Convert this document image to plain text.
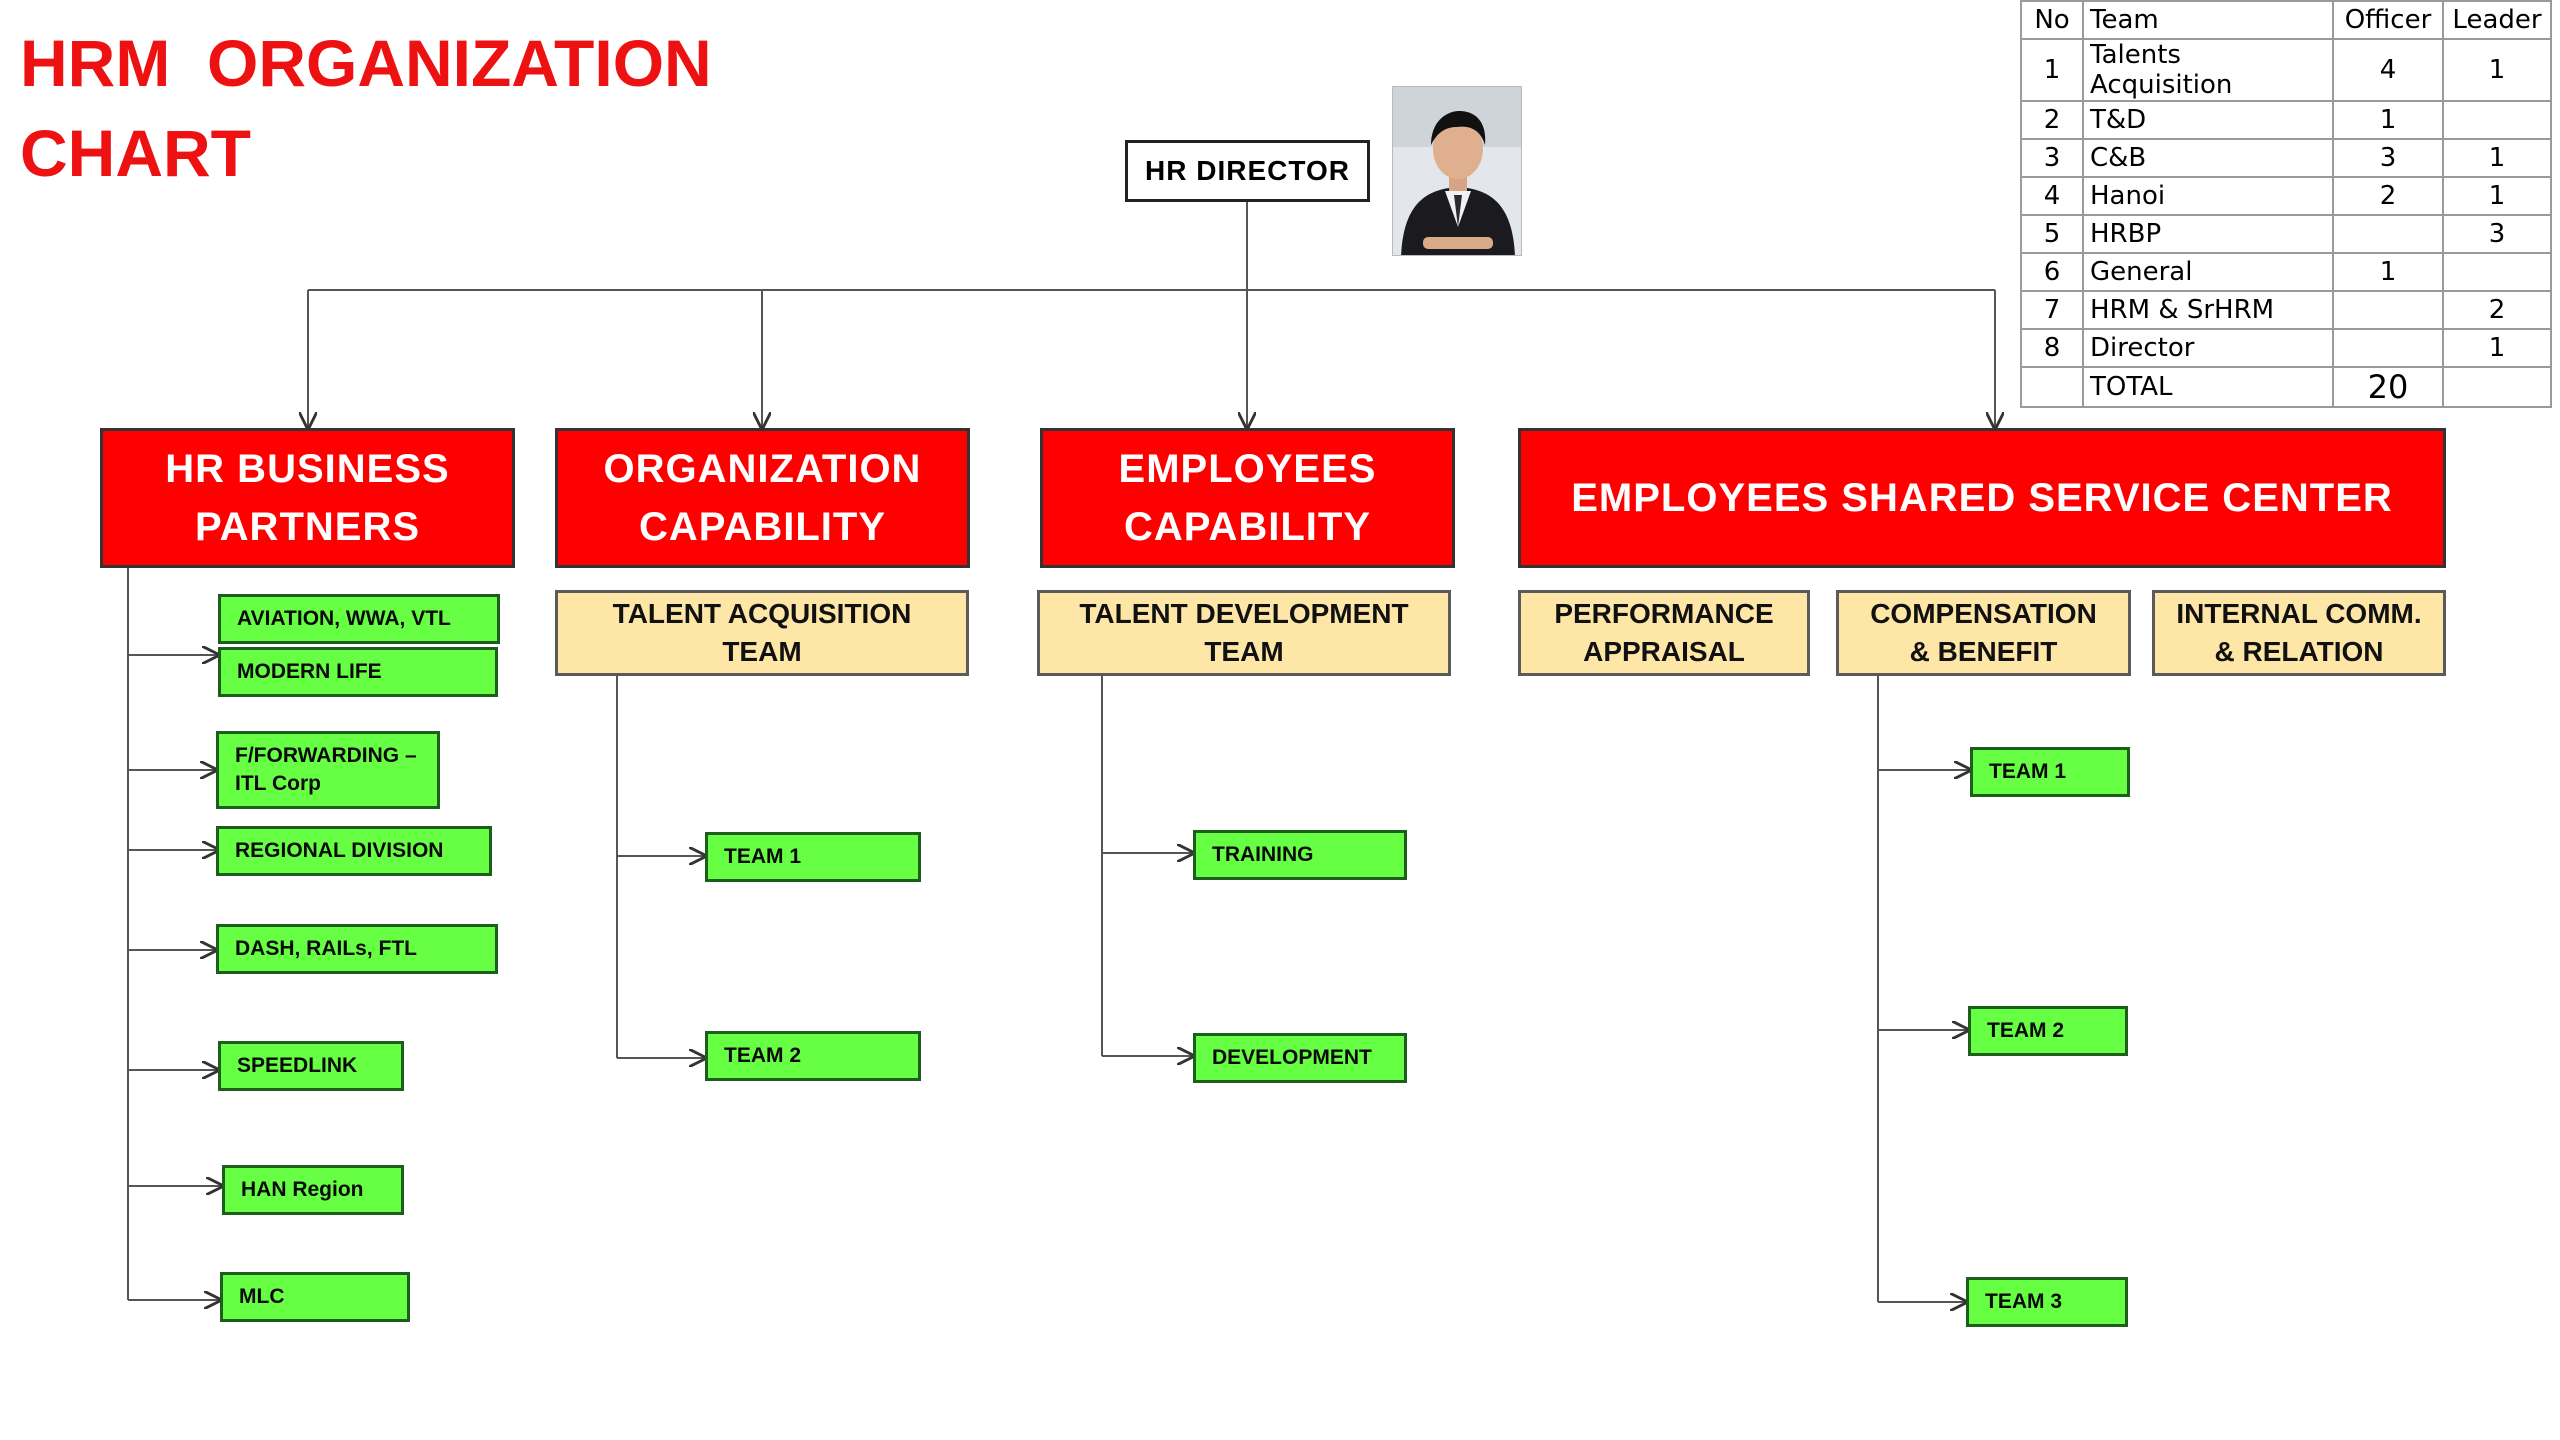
HRM  ORGANIZATION
CHART	HR DIRECTOR
HR BUSINESS
PARTNERS
ORGANIZATION
CAPABILITY
EMPLOYEES
CAPABILITY
EMPLOYEES SHARED SERVICE CENTER
TALENT ACQUISITION
TEAM
TALENT DEVELOPMENT
TEAM
PERFORMANCE
APPRAISAL
COMPENSATION
& BENEFIT
INTERNAL COMM.
& RELATION
AVIATION, WWA, VTL
MODERN LIFE
F/FORWARDING –
ITL Corp
REGIONAL DIVISION
DASH, RAILs, FTL
SPEEDLINK
HAN Region
MLC
TEAM 1
TEAM 2
TRAINING
DEVELOPMENT
TEAM 1
TEAM 2
TEAM 3
No	Team	Officer	Leader
1	Talents Acquisition	4	1
2	T&D	1	
3	C&B	3	1
4	Hanoi	2	1
5	HRBP		3
6	General	1	
7	HRM & SrHRM		2
8	Director		1
	TOTAL	20	
